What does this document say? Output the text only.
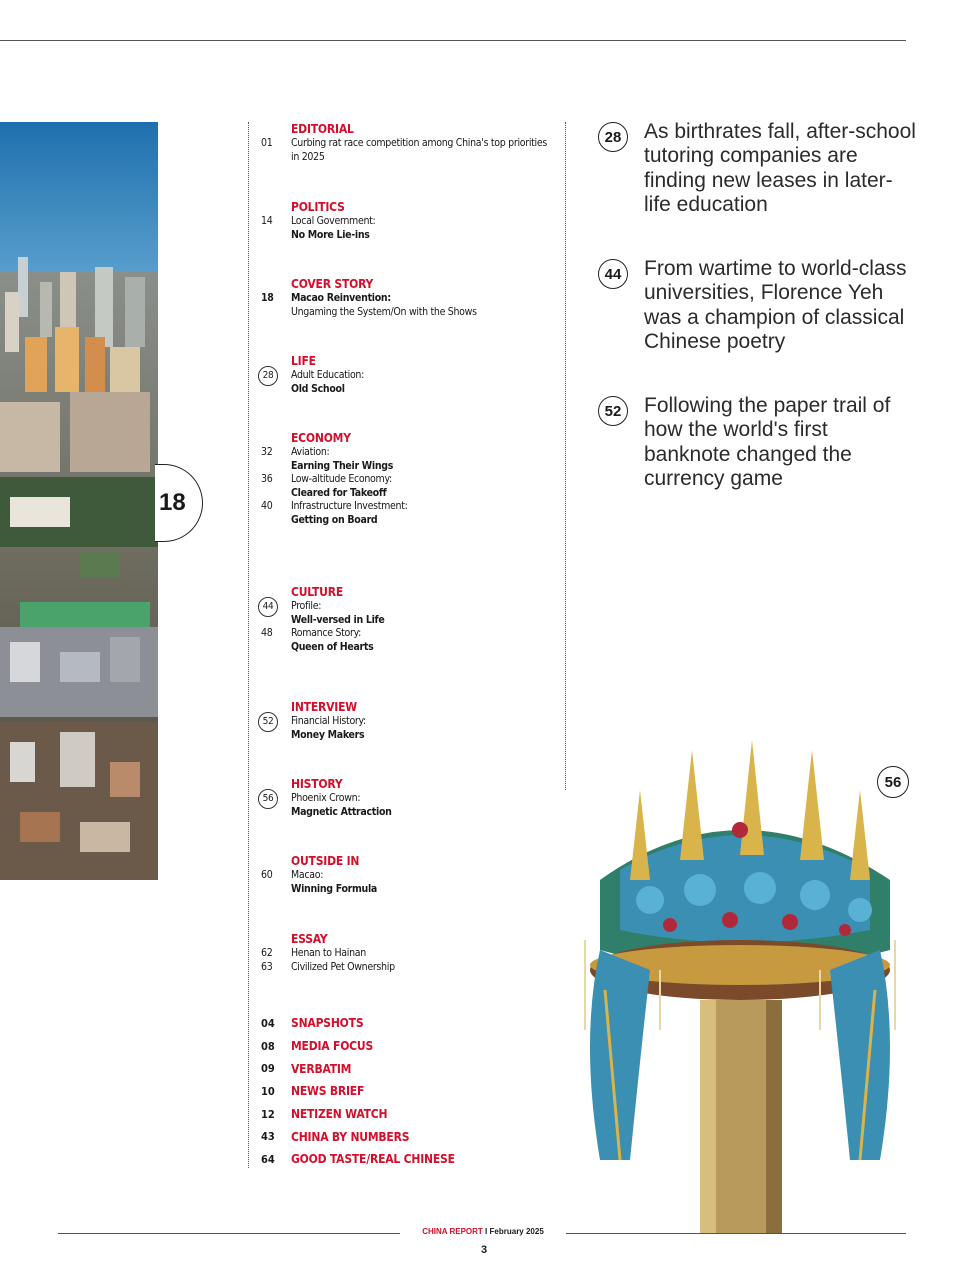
18
EDITORIAL
01	Curbing rat race competition among China's top priorities in 2025
POLITICS
14	Local Government:
No More Lie-ins
COVER STORY
18	Macao Reinvention:
Ungaming the System/On with the Shows
LIFE
28	Adult Education:
Old School
ECONOMY
32	Aviation:
Earning Their Wings
36	Low-altitude Economy:
Cleared for Takeoff
40	Infrastructure Investment:
Getting on Board
CULTURE
44	Profile:
Well-versed in Life
48	Romance Story:
Queen of Hearts
INTERVIEW
52	Financial History:
Money Makers
HISTORY
56	Phoenix Crown:
Magnetic Attraction
OUTSIDE IN
60	Macao:
Winning Formula
ESSAY
62	Henan to Hainan
63	Civilized Pet Ownership
04	SNAPSHOTS
08	MEDIA FOCUS
09	VERBATIM
10	NEWS BRIEF
12	NETIZEN WATCH
43	CHINA BY NUMBERS
64	GOOD TASTE/REAL CHINESE
28	As birthrates fall, after-school tutoring companies are finding new leases in later-life education
44	From wartime to world-class universities, Florence Yeh was a champion of classical Chinese poetry
52	Following the paper trail of how the world's first banknote changed the currency game
56
CHINA REPORT I February 2025
3
